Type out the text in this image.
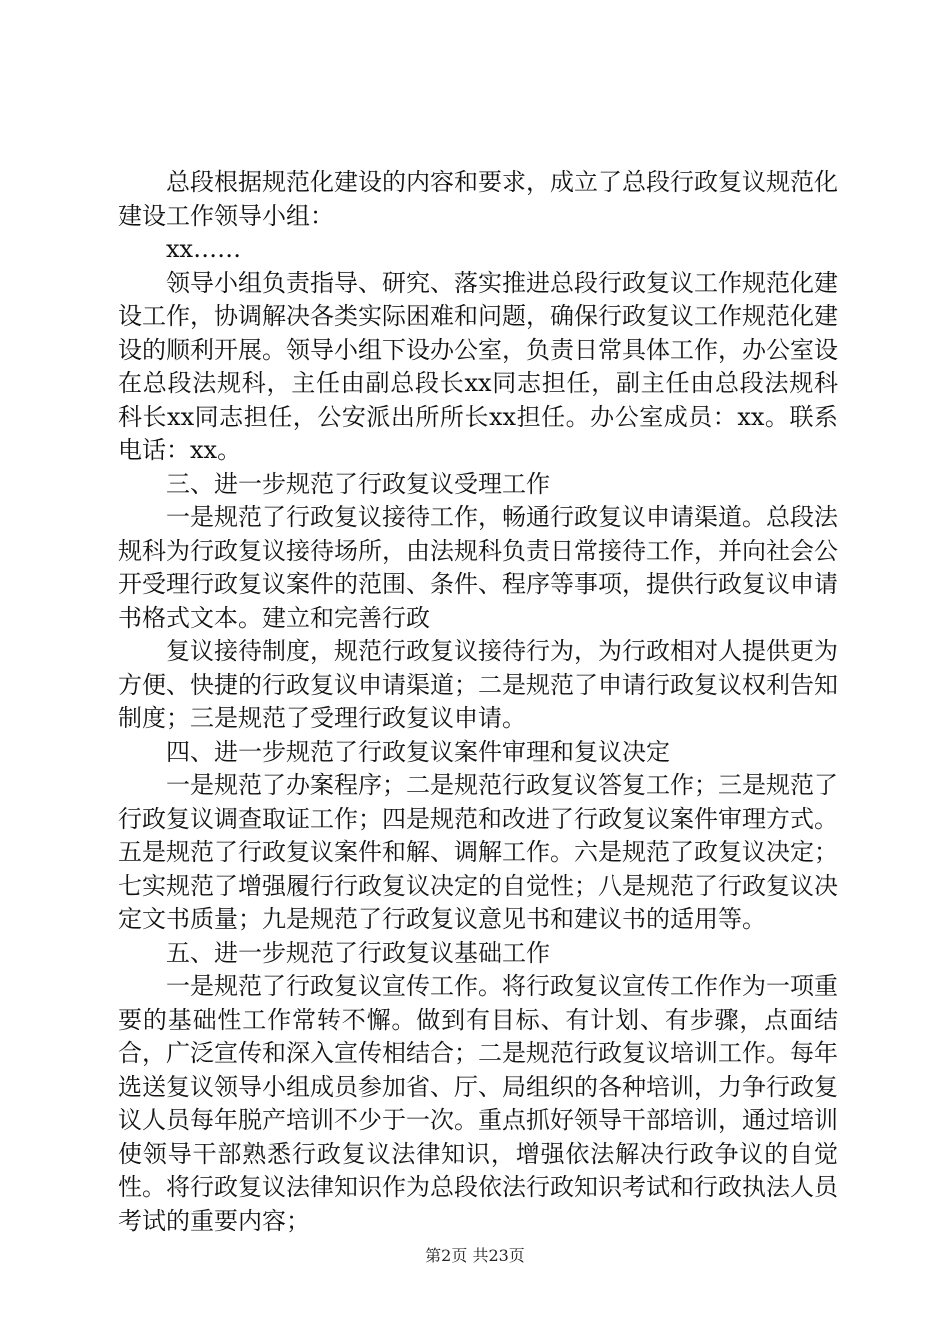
总段根据规范化建设的内容和要求，成立了总段行政复议规范化建设工作领导小组：

xx……

领导小组负责指导、研究、落实推进总段行政复议工作规范化建设工作，协调解决各类实际困难和问题，确保行政复议工作规范化建设的顺利开展。领导小组下设办公室，负责日常具体工作，办公室设在总段法规科，主任由副总段长xx同志担任，副主任由总段法规科科长xx同志担任，公安派出所所长xx担任。办公室成员：xx。联系电话：xx。

三、进一步规范了行政复议受理工作

一是规范了行政复议接待工作，畅通行政复议申请渠道。总段法规科为行政复议接待场所，由法规科负责日常接待工作，并向社会公开受理行政复议案件的范围、条件、程序等事项，提供行政复议申请书格式文本。建立和完善行政

复议接待制度，规范行政复议接待行为，为行政相对人提供更为方便、快捷的行政复议申请渠道；二是规范了申请行政复议权利告知制度；三是规范了受理行政复议申请。

四、进一步规范了行政复议案件审理和复议决定

一是规范了办案程序；二是规范行政复议答复工作；三是规范了行政复议调查取证工作；四是规范和改进了行政复议案件审理方式。五是规范了行政复议案件和解、调解工作。六是规范了政复议决定；七实规范了增强履行行政复议决定的自觉性；八是规范了行政复议决定文书质量；九是规范了行政复议意见书和建议书的适用等。

五、进一步规范了行政复议基础工作

一是规范了行政复议宣传工作。将行政复议宣传工作作为一项重要的基础性工作常转不懈。做到有目标、有计划、有步骤，点面结合，广泛宣传和深入宣传相结合；二是规范行政复议培训工作。每年选送复议领导小组成员参加省、厅、局组织的各种培训，力争行政复议人员每年脱产培训不少于一次。重点抓好领导干部培训，通过培训使领导干部熟悉行政复议法律知识，增强依法解决行政争议的自觉性。将行政复议法律知识作为总段依法行政知识考试和行政执法人员考试的重要内容；

第2页 共23页
